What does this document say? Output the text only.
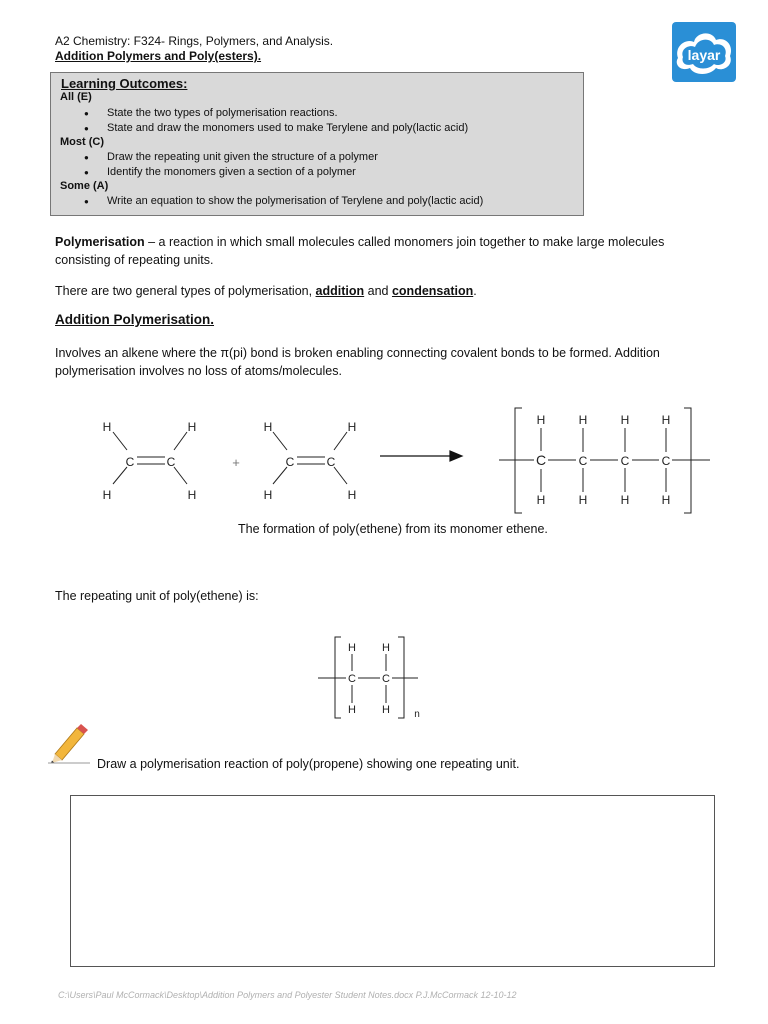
A2 Chemistry: F324- Rings, Polymers, and Analysis.
Addition Polymers and Poly(esters).	layar
Learning Outcomes:
All (E)
● State the two types of polymerisation reactions.
● State and draw the monomers used to make Terylene and poly(lactic acid)
Most (C)
● Draw the repeating unit given the structure of a polymer
● Identify the monomers given a section of a polymer
Some (A)
● Write an equation to show the polymerisation of Terylene and poly(lactic acid)
Polymerisation – a reaction in which small molecules called monomers join together to make large molecules consisting of repeating units.
There are two general types of polymerisation, addition and condensation.
Addition Polymerisation.
Involves an alkene where the π(pi) bond is broken enabling connecting covalent bonds to be formed. Addition polymerisation involves no loss of atoms/molecules.
H	H
C	C
H	H
+
H	H
C	C
H	H
H	H	H	H
C	C	C	C
H	H	H	H
The formation of poly(ethene) from its monomer ethene.
The repeating unit of poly(ethene) is:
H H
C C
H H n
Draw a polymerisation reaction of poly(propene) showing one repeating unit.
C:\Users\Paul McCormack\Desktop\Addition Polymers and Polyester Student Notes.docx P.J.McCormack 12-10-12
